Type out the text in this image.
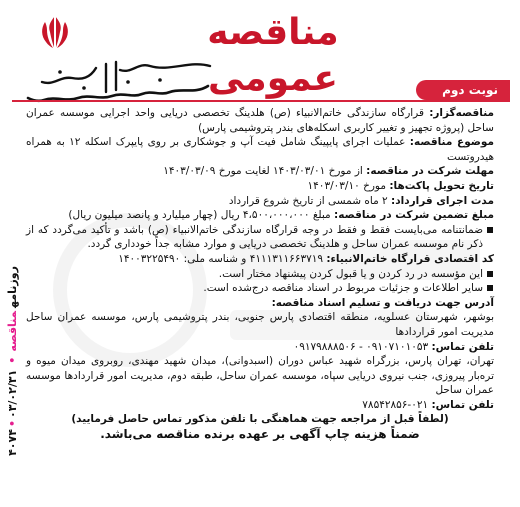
مناقصه عمومی	نوبت دوم

مناقصه‌گزار: قرارگاه سازندگی خاتم‌الانبیاء (ص) هلدینگ تخصصی دریایی واحد اجرایی موسسه عمران ساحل (پروژه تجهیز و تغییر کاربری اسکله‌های بندر پتروشیمی پارس)

موضوع مناقصه: عملیات اجرای پایپینگ شامل فیت آپ و جوشکاری بر روی پایپرک اسکله ۱۲ به همراه هیدروتست

مهلت شرکت در مناقصه: از مورخ ۱۴۰۳/۰۳/۰۱ لغایت مورخ ۱۴۰۳/۰۳/۰۹

تاریخ تحویل پاکت‌ها: مورخ ۱۴۰۳/۰۳/۱۰

مدت اجرای قرارداد: ۲ ماه شمسی از تاریخ شروع قرارداد

مبلغ تضمین شرکت در مناقصه: مبلغ ۴،۵۰۰،۰۰۰،۰۰۰ ریال (چهار میلیارد و پانصد میلیون ریال)

ضمانتنامه می‌بایست فقط و فقط در وجه قرارگاه سازندگی خاتم‌الانبیاء (ص) باشد و تأکید می‌گردد که از ذکر نام موسسه عمران ساحل و هلدینگ تخصصی دریایی و موارد مشابه جداً خودداری گردد.

کد اقتصادی قرارگاه خاتم‌الانبیاء: ۴۱۱۱۳۱۱۶۶۳۷۱۹ و شناسه ملی: ۱۴۰۰۳۲۲۵۴۹۰

این مؤسسه در رد کردن و یا قبول کردن پیشنهاد مختار است.

سایر اطلاعات و جزئیات مربوط در اسناد مناقصه درج‌شده است.

آدرس جهت دریافت و تسلیم اسناد مناقصه:

بوشهر، شهرستان عسلویه، منطقه اقتصادی پارس جنوبی، بندر پتروشیمی پارس، موسسه عمران ساحل مدیریت امور قراردادها

تلفن تماس: ۰۹۱۰۷۱۰۱۰۵۳ - ۰۹۱۷۹۸۸۸۵۰۶

تهران، تهران پارس، بزرگراه شهید عباس دوران (اسبدوانی)، میدان شهید مهندی، روبروی میدان میوه و تره‌بار پیروزی، جنب نیروی دریایی سپاه، موسسه عمران ساحل، طبقه دوم، مدیریت امور قراردادها موسسه عمران ساحل

تلفن تماس: ۰۲۱-۷۸۵۴۲۸۵۶

(لطفاً قبل از مراجعه جهت هماهنگی با تلفن مذکور تماس حاصل فرمایید)

ضمناً هزینه چاپ آگهی بر عهده برنده مناقصه می‌باشد.

روزنامهمناقصه•۰۳/۰۲/۳۱•۴۰۷۴
